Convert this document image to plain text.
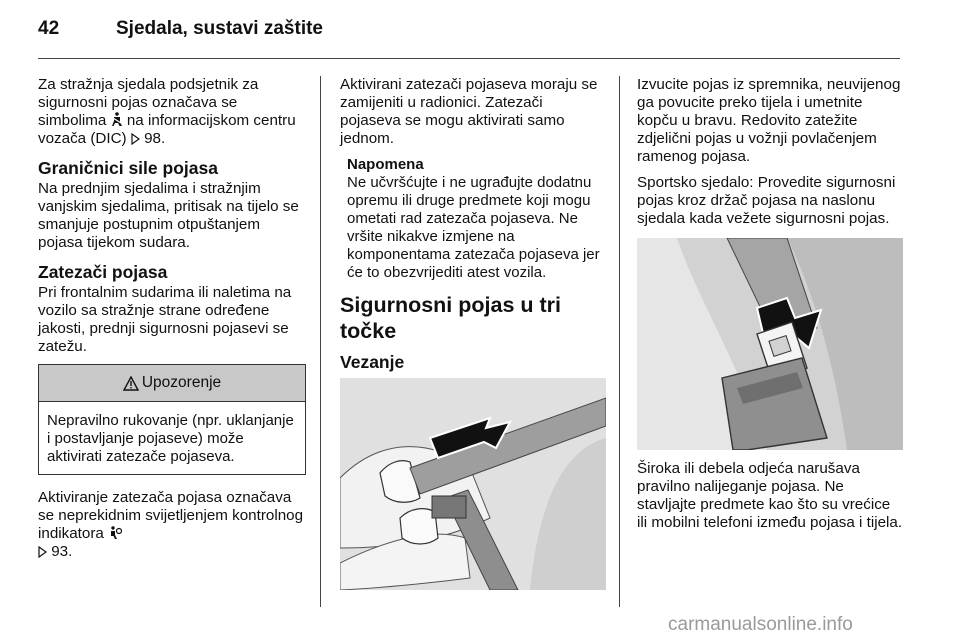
42	Sjedala, sustavi zaštite

Za stražnja sjedala podsjetnik za sigurnosni pojas označava se simbolima na informacijskom centru vozača (DIC) 98.

Graničnici sile pojasa

Na prednjim sjedalima i stražnjim vanjskim sjedalima, pritisak na tijelo se smanjuje postupnim otpuštanjem pojasa tijekom sudara.

Zatezači pojasa

Pri frontalnim sudarima ili naletima na vozilo sa stražnje strane određene jakosti, prednji sigurnosni pojasevi se zatežu.

Upozorenje
Nepravilno rukovanje (npr. uklanjanje i postavljanje pojaseve) može aktivirati zatezače pojaseva.

Aktiviranje zatezača pojasa označava se neprekidnim svijetljenjem kontrolnog indikatora
93.

Aktivirani zatezači pojaseva moraju se zamijeniti u radionici. Zatezači pojaseva se mogu aktivirati samo jednom.

Napomena
Ne učvršćujte i ne ugrađujte dodatnu opremu ili druge predmete koji mogu ometati rad zatezača pojaseva. Ne vršite nikakve izmjene na komponentama zatezača pojaseva jer će to obezvrijediti atest vozila.
Sigurnosni pojas u tri točke
Vezanje

Izvucite pojas iz spremnika, neuvijenog ga povucite preko tijela i umetnite kopču u bravu. Redovito zatežite zdjelični pojas u vožnji povlačenjem ramenog pojasa.

Sportsko sjedalo: Provedite sigurnosni pojas kroz držač pojasa na naslonu sjedala kada vežete sigurnosni pojas.

Široka ili debela odjeća narušava pravilno nalijeganje pojasa. Ne stavljajte predmete kao što su vrećice ili mobilni telefoni između pojasa i tijela.

carmanualsonline.info
